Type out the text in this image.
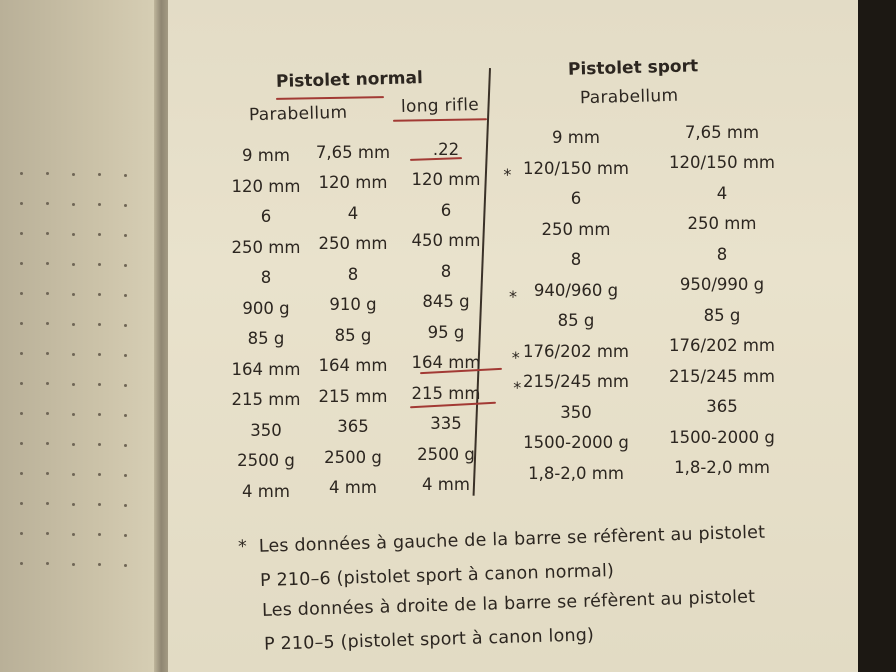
Pistolet normal
Pistolet sport
Parabellum	long rifle	Parabellum
9 mm
120 mm
6
250 mm
8
900 g
85 g
164 mm
215 mm
350
2500 g
4 mm
7,65 mm
120 mm
4
250 mm
8
910 g
85 g
164 mm
215 mm
365
2500 g
4 mm
.22
120 mm
6
450 mm
8
845 g
95 g
164 mm
215 mm
335
2500 g
4 mm
9 mm
120/150 mm
6
250 mm
8
940/960 g
85 g
176/202 mm
215/245 mm
350
1500-2000 g
1,8-2,0 mm
7,65 mm
120/150 mm
4
250 mm
8
950/990 g
85 g
176/202 mm
215/245 mm
365
1500-2000 g
1,8-2,0 mm
*
*
*
*
* Les données à gauche de la barre se réfèrent au pistolet
P 210–6 (pistolet sport à canon normal)
Les données à droite de la barre se réfèrent au pistolet
P 210–5 (pistolet sport à canon long)
